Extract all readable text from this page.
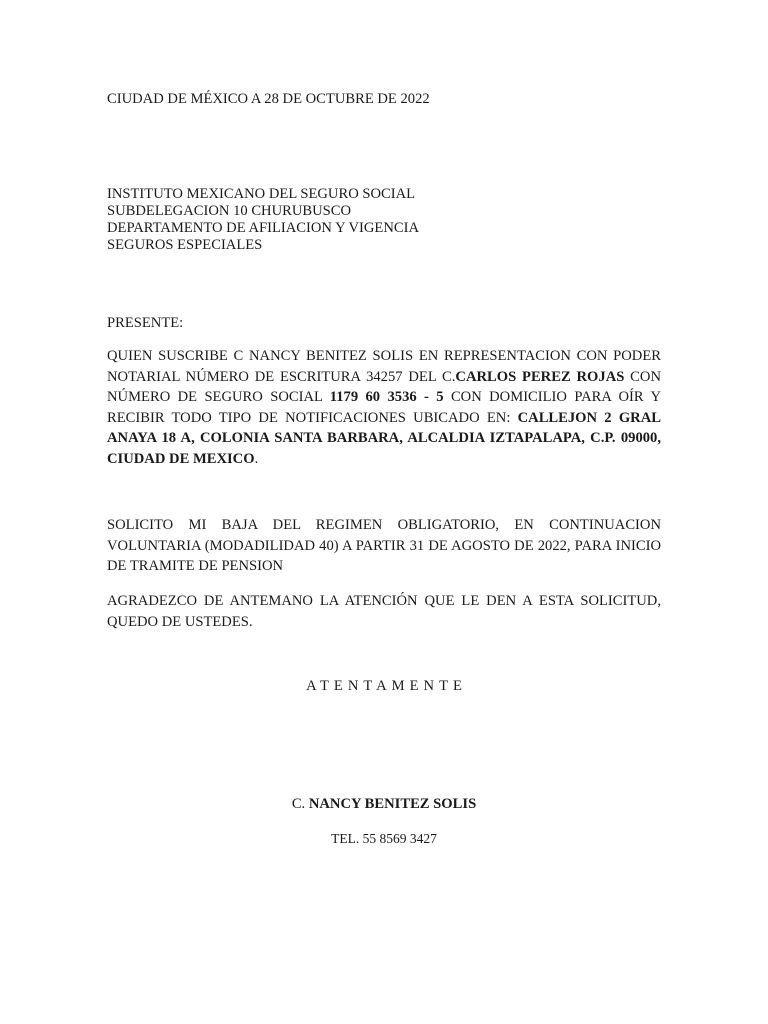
CIUDAD DE MÉXICO A 28 DE OCTUBRE DE 2022

INSTITUTO MEXICANO DEL SEGURO SOCIAL
SUBDELEGACION 10 CHURUBUSCO
DEPARTAMENTO DE AFILIACION Y VIGENCIA
SEGUROS ESPECIALES

PRESENTE:

QUIEN SUSCRIBE C NANCY BENITEZ SOLIS EN REPRESENTACION CON PODER NOTARIAL NÚMERO DE ESCRITURA 34257 DEL C.CARLOS PEREZ ROJAS CON NÚMERO DE SEGURO SOCIAL 1179 60 3536 - 5 CON DOMICILIO PARA OÍR Y RECIBIR TODO TIPO DE NOTIFICACIONES UBICADO EN: CALLEJON 2 GRAL ANAYA 18 A, COLONIA SANTA BARBARA, ALCALDIA IZTAPALAPA, C.P. 09000, CIUDAD DE MEXICO.

SOLICITO MI BAJA DEL REGIMEN OBLIGATORIO, EN CONTINUACION VOLUNTARIA (MODADILIDAD 40) A PARTIR 31 DE AGOSTO DE 2022, PARA INICIO DE TRAMITE DE PENSION

AGRADEZCO DE ANTEMANO LA ATENCIÓN QUE LE DEN A ESTA SOLICITUD, QUEDO DE USTEDES.

ATENTAMENTE

C. NANCY BENITEZ SOLIS

TEL. 55 8569 3427
